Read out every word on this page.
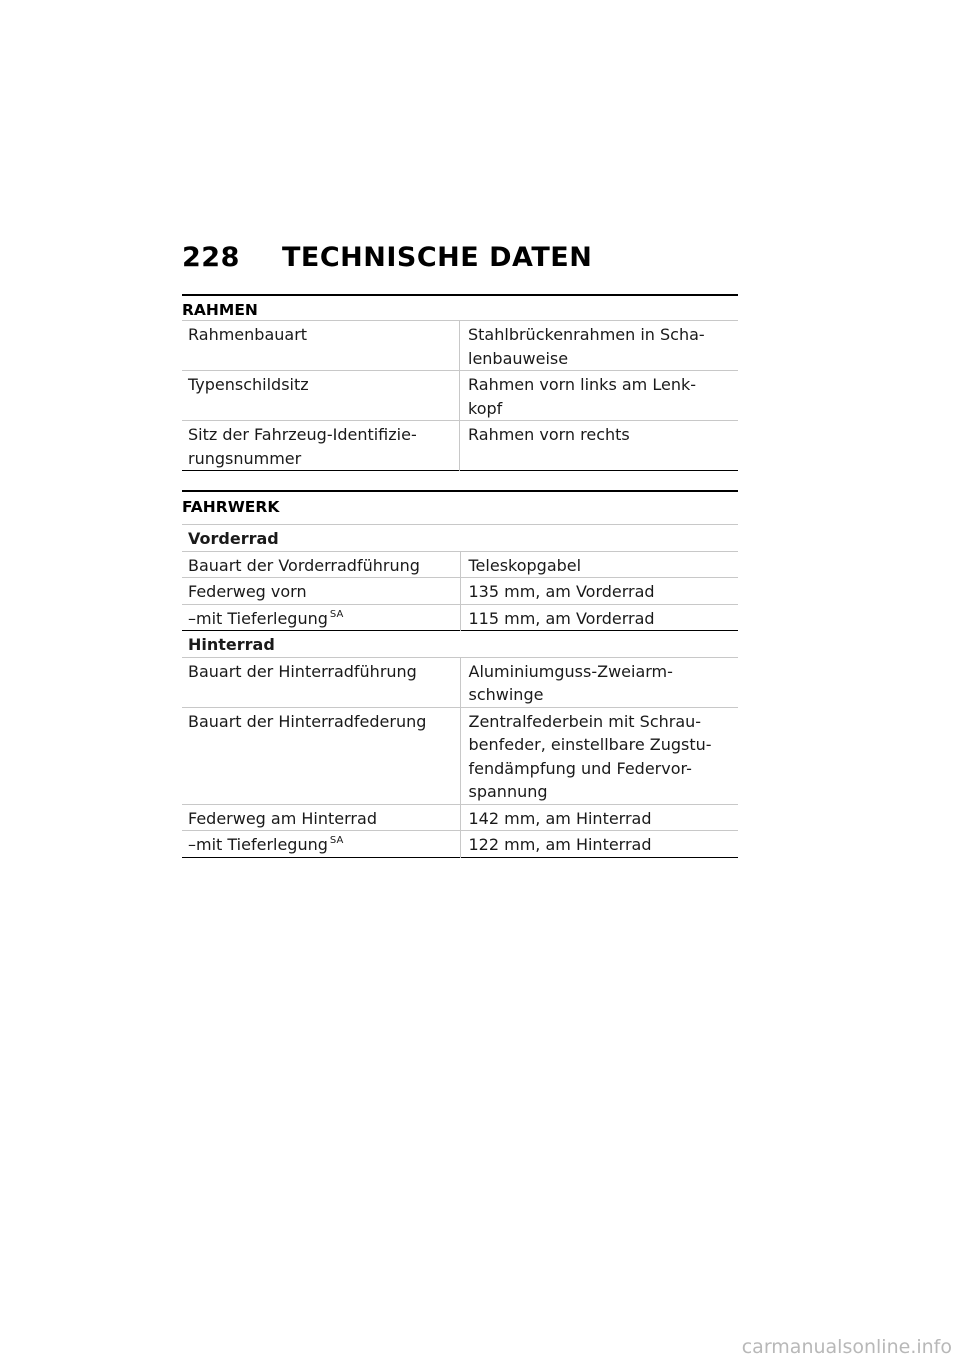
228 TECHNISCHE DATEN
RAHMEN
Rahmenbauart	Stahlbrückenrahmen in Scha-
lenbauweise
Typenschildsitz	Rahmen vorn links am Lenk-
kopf
Sitz der Fahrzeug-Identifizie-
rungsnummer	Rahmen vorn rechts
FAHRWERK
Vorderrad	
Bauart der Vorderradführung	Teleskopgabel
Federweg vorn	135 mm, am Vorderrad
–mit Tieferlegung $^{SA}$	115 mm, am Vorderrad
Hinterrad	
Bauart der Hinterradführung	Aluminiumguss-Zweiarm-
schwinge
Bauart der Hinterradfederung	Zentralfederbein mit Schrau-
benfeder, einstellbare Zugstu-
fendämpfung und Federvor-
spannung
Federweg am Hinterrad	142 mm, am Hinterrad
–mit Tieferlegung $^{SA}$	122 mm, am Hinterrad
carmanualsonline.info
